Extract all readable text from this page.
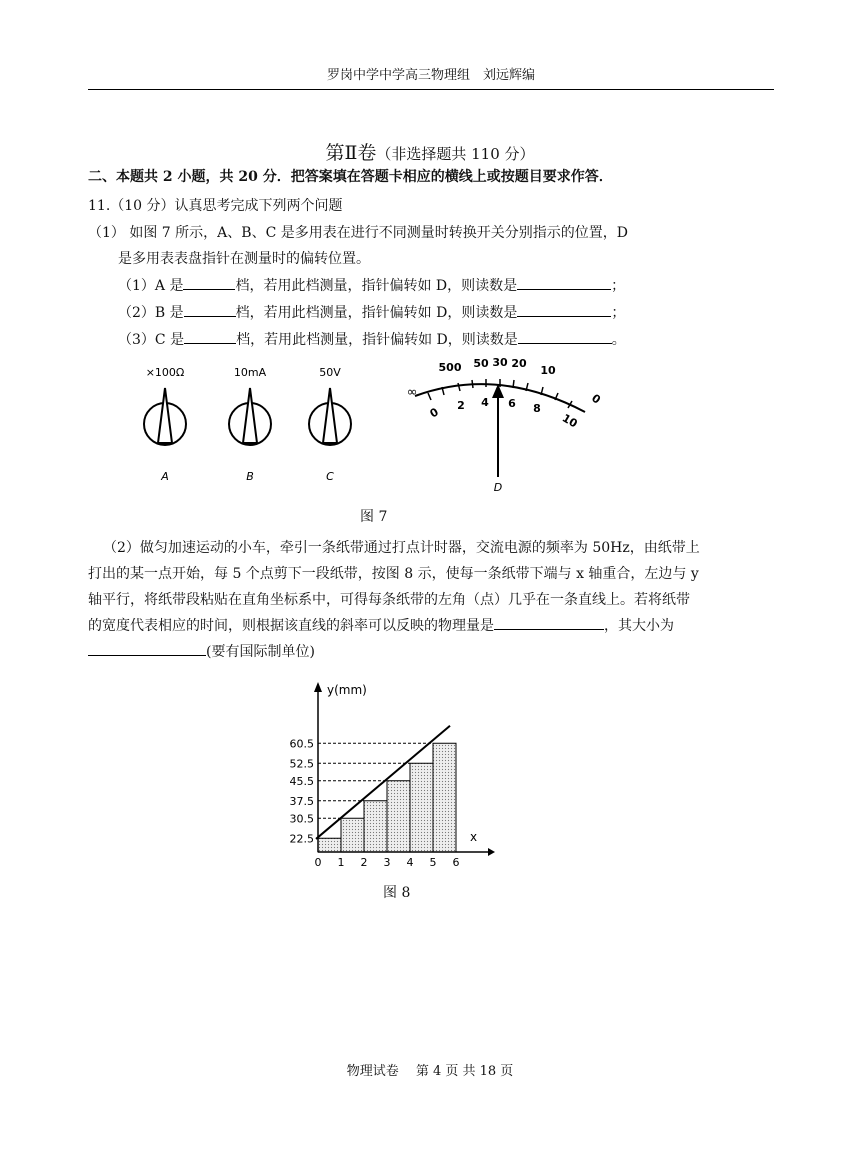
罗岗中学中学高三物理组　刘远辉编
第Ⅱ卷（非选择题共 110 分）
二、本题共 2 小题，共 20 分．把答案填在答题卡相应的横线上或按题目要求作答．
11.（10 分）认真思考完成下列两个问题
（1） 如图 7 所示，A、B、C 是多用表在进行不同测量时转换开关分别指示的位置，D
是多用表表盘指针在测量时的偏转位置。
（1）A 是	档，若用此档测量，指针偏转如 D，则读数是	；
（2）B 是	档，若用此档测量，指针偏转如 D，则读数是	；
（3）C 是	档，若用此档测量，指针偏转如 D，则读数是	。
×100Ω
A
10mA
B
50V
C
∞
500 50 30 20
10
0 2 4 6 8
10
0
D
图 7
（2）做匀加速运动的小车，牵引一条纸带通过打点计时器，交流电源的频率为 50Hz，由纸带上
打出的某一点开始，每 5 个点剪下一段纸带，按图 8 示，使每一条纸带下端与 x 轴重合，左边与 y
轴平行，将纸带段粘贴在直角坐标系中，可得每条纸带的左角（点）几乎在一条直线上。若将纸带
的宽度代表相应的时间，则根据该直线的斜率可以反映的物理量是	，其大小为
(要有国际制单位)
y(mm)
x
60.5
52.5
45.5
37.5
30.5
22.5
0 1 2 3 4 5 6
图 8
物理试卷　 第 4 页 共 18 页
